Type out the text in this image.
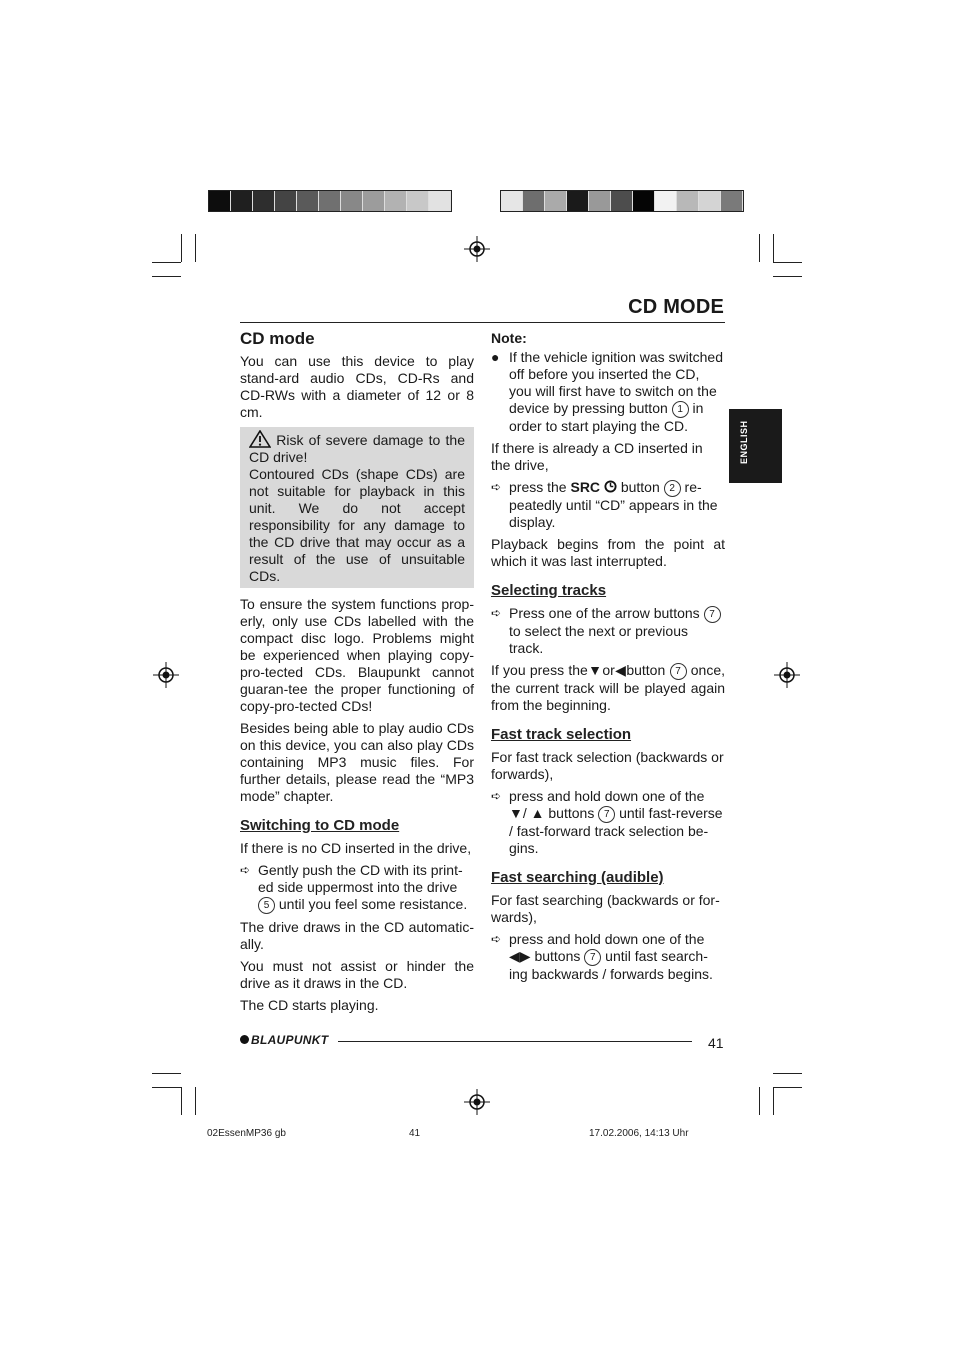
CD MODE
ENGLISH
CD mode

You can use this device to play stand-ard audio CDs, CD-Rs and CD-RWs with a diameter of 12 or 8 cm.

Risk of severe damage to the CD drive!

Contoured CDs (shape CDs) are not suitable for playback in this unit. We do not accept responsibility for any damage to the CD drive that may occur as a result of the use of unsuitable CDs.

To ensure the system functions prop-erly, only use CDs labelled with the compact disc logo. Problems might be experienced when playing copy-pro-tected CDs. Blaupunkt cannot guaran-tee the proper functioning of copy-pro-tected CDs!

Besides being able to play audio CDs on this device, you can also play CDs containing MP3 music files. For further details, please read the “MP3 mode” chapter.

Switching to CD mode

If there is no CD inserted in the drive,

➪ Gently push the CD with its print-ed side uppermost into the drive 5 until you feel some resistance.

The drive draws in the CD automatic-ally.

You must not assist or hinder the drive as it draws in the CD.

The CD starts playing.

Note:
● If the vehicle ignition was switched off before you inserted the CD, you will first have to switch on the device by pressing button 1 in order to start playing the CD.

If there is already a CD inserted in the drive,

➪ press the SRC button 2 re-peatedly until “CD” appears in the display.

Playback begins from the point at which it was last interrupted.

Selecting tracks
➪ Press one of the arrow buttons 7 to select the next or previous track.

If you press the▼or◀button 7 once, the current track will be played again from the beginning.

Fast track selection

For fast track selection (backwards or forwards),

➪ press and hold down one of the ▼/ ▲ buttons 7 until fast-reverse / fast-forward track selection be-gins.
Fast searching (audible)

For fast searching (backwards or for-wards),

➪ press and hold down one of the ◀▶ buttons 7 until fast search-ing backwards / forwards begins.
BLAUPUNKT	41
02EssenMP36 gb	41	17.02.2006, 14:13 Uhr
